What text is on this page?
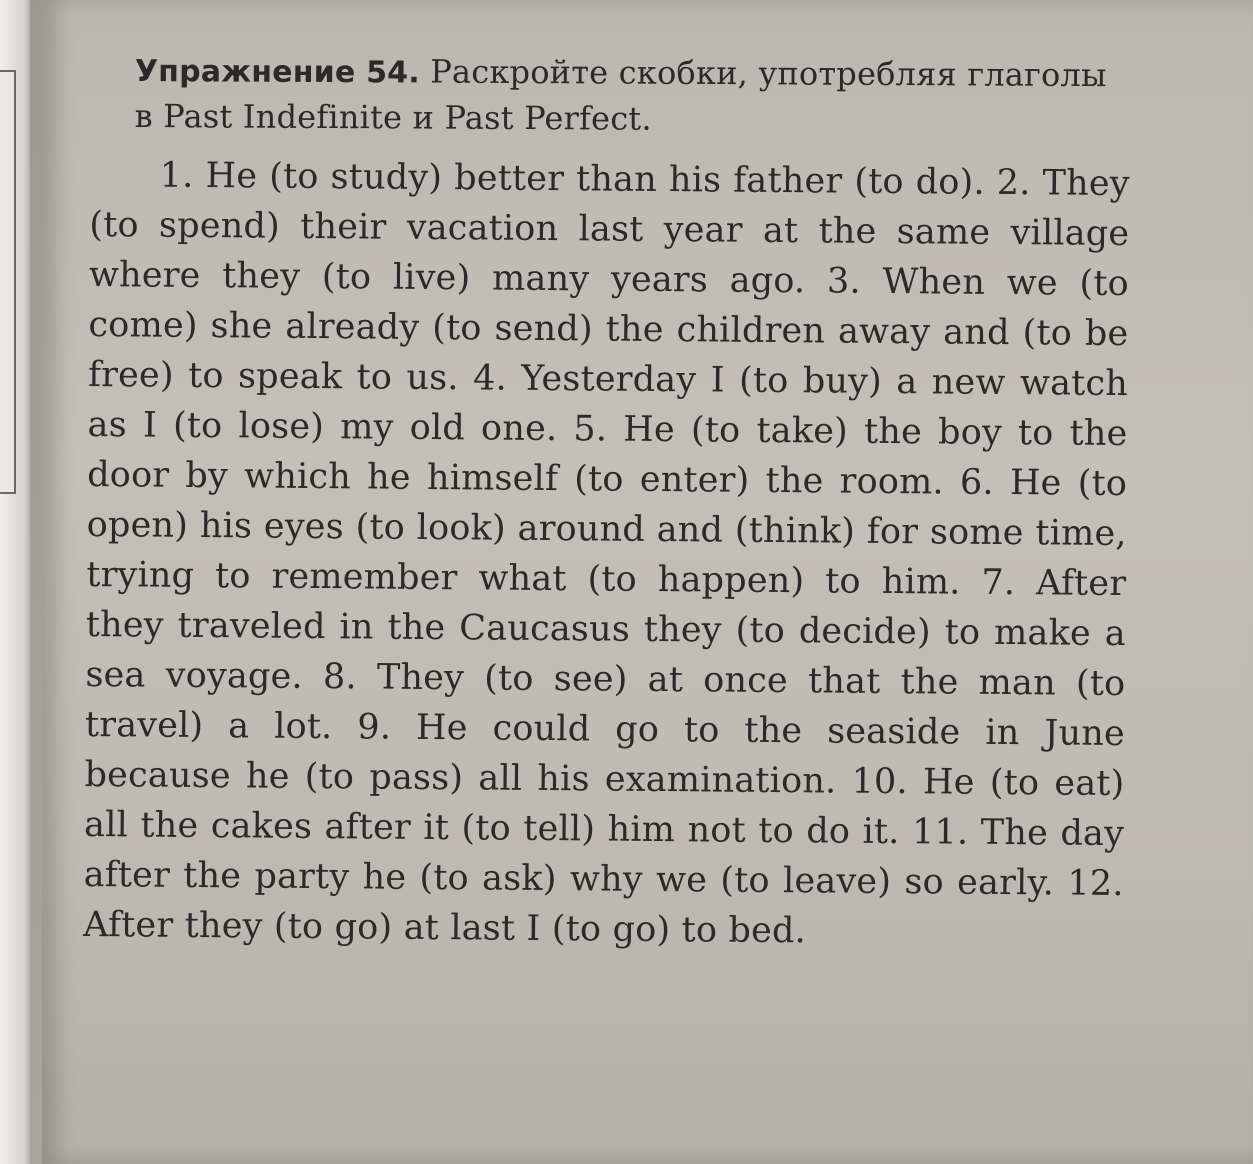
Упражнение 54. Раскройте скобки, употребляя глаголы в Past Indefinite и Past Perfect.
1. He (to study) better than his father (to do). 2. They (to spend) their vacation last year at the same village where they (to live) many years ago. 3. When we (to come) she already (to send) the children away and (to be free) to speak to us. 4. Yesterday I (to buy) a new watch as I (to lose) my old one. 5. He (to take) the boy to the door by which he himself (to enter) the room. 6. He (to open) his eyes (to look) around and (think) for some time, trying to remember what (to happen) to him. 7. After they traveled in the Caucasus they (to decide) to make a sea voyage. 8. They (to see) at once that the man (to travel) a lot. 9. He could go to the seaside in June because he (to pass) all his examination. 10. He (to eat) all the cakes after it (to tell) him not to do it. 11. The day after the party he (to ask) why we (to leave) so early. 12. After they (to go) at last I (to go) to bed.
